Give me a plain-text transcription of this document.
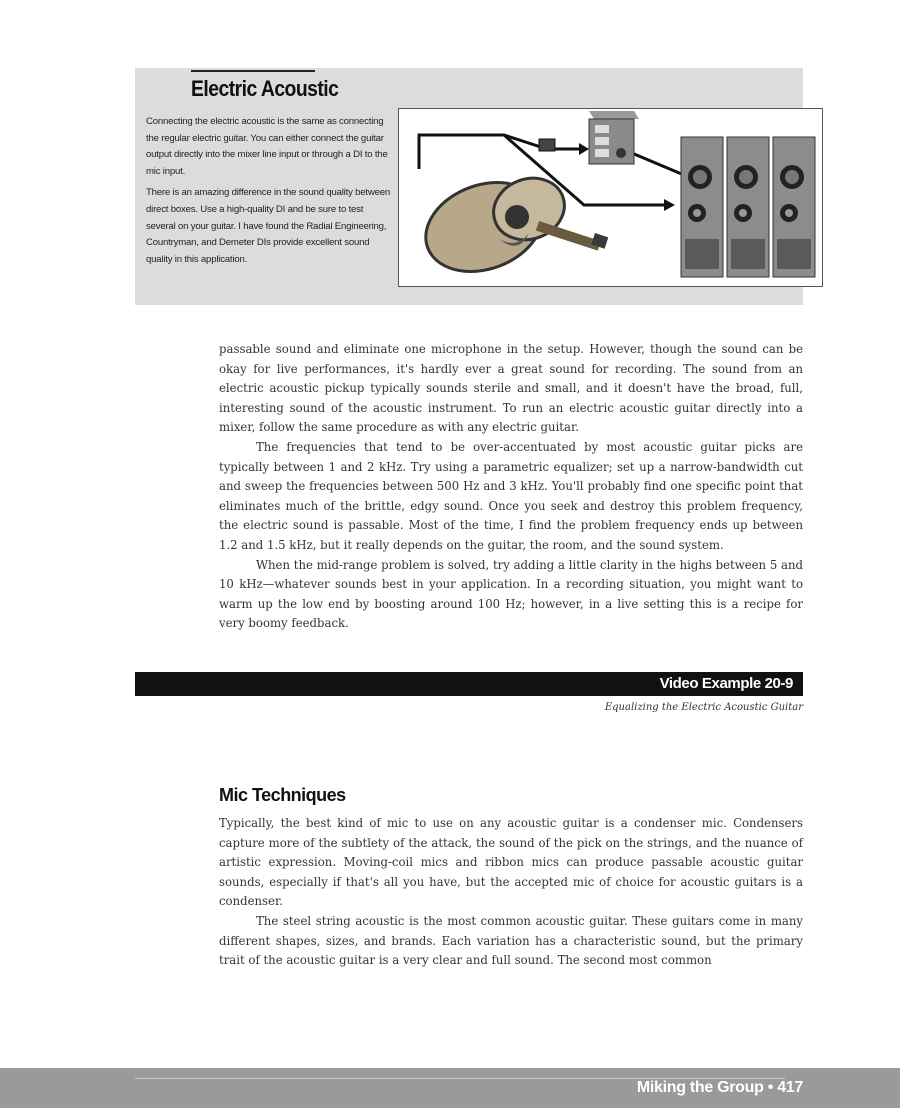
Electric Acoustic

Connecting the electric acoustic is the same as connecting the regular electric guitar. You can either connect the guitar output directly into the mixer line input or through a DI to the mic input.

There is an amazing difference in the sound quality between direct boxes. Use a high-quality DI and be sure to test several on your guitar. I have found the Radial Engineering, Countryman, and Demeter DIs provide excellent sound quality in this application.

passable sound and eliminate one microphone in the setup. However, though the sound can be okay for live performances, it's hardly ever a great sound for recording. The sound from an electric acoustic pickup typically sounds sterile and small, and it doesn't have the broad, full, interesting sound of the acoustic instrument. To run an electric acoustic guitar directly into a mixer, follow the same procedure as with any electric guitar.

The frequencies that tend to be over-accentuated by most acoustic guitar picks are typically between 1 and 2 kHz. Try using a parametric equalizer; set up a narrow-bandwidth cut and sweep the frequencies between 500 Hz and 3 kHz. You'll probably find one specific point that eliminates much of the brittle, edgy sound. Once you seek and destroy this problem frequency, the electric sound is passable. Most of the time, I find the problem frequency ends up between 1.2 and 1.5 kHz, but it really depends on the guitar, the room, and the sound system.

When the mid-range problem is solved, try adding a little clarity in the highs between 5 and 10 kHz—whatever sounds best in your application. In a recording situation, you might want to warm up the low end by boosting around 100 Hz; however, in a live setting this is a recipe for very boomy feedback.

Video Example 20-9
Equalizing the Electric Acoustic Guitar
Mic Techniques

Typically, the best kind of mic to use on any acoustic guitar is a condenser mic. Condensers capture more of the subtlety of the attack, the sound of the pick on the strings, and the nuance of artistic expression. Moving-coil mics and ribbon mics can produce passable acoustic guitar sounds, especially if that's all you have, but the accepted mic of choice for acoustic guitars is a condenser.

The steel string acoustic is the most common acoustic guitar. These guitars come in many different shapes, sizes, and brands. Each variation has a characteristic sound, but the primary trait of the acoustic guitar is a very clear and full sound. The second most common

Miking the Group • 417
